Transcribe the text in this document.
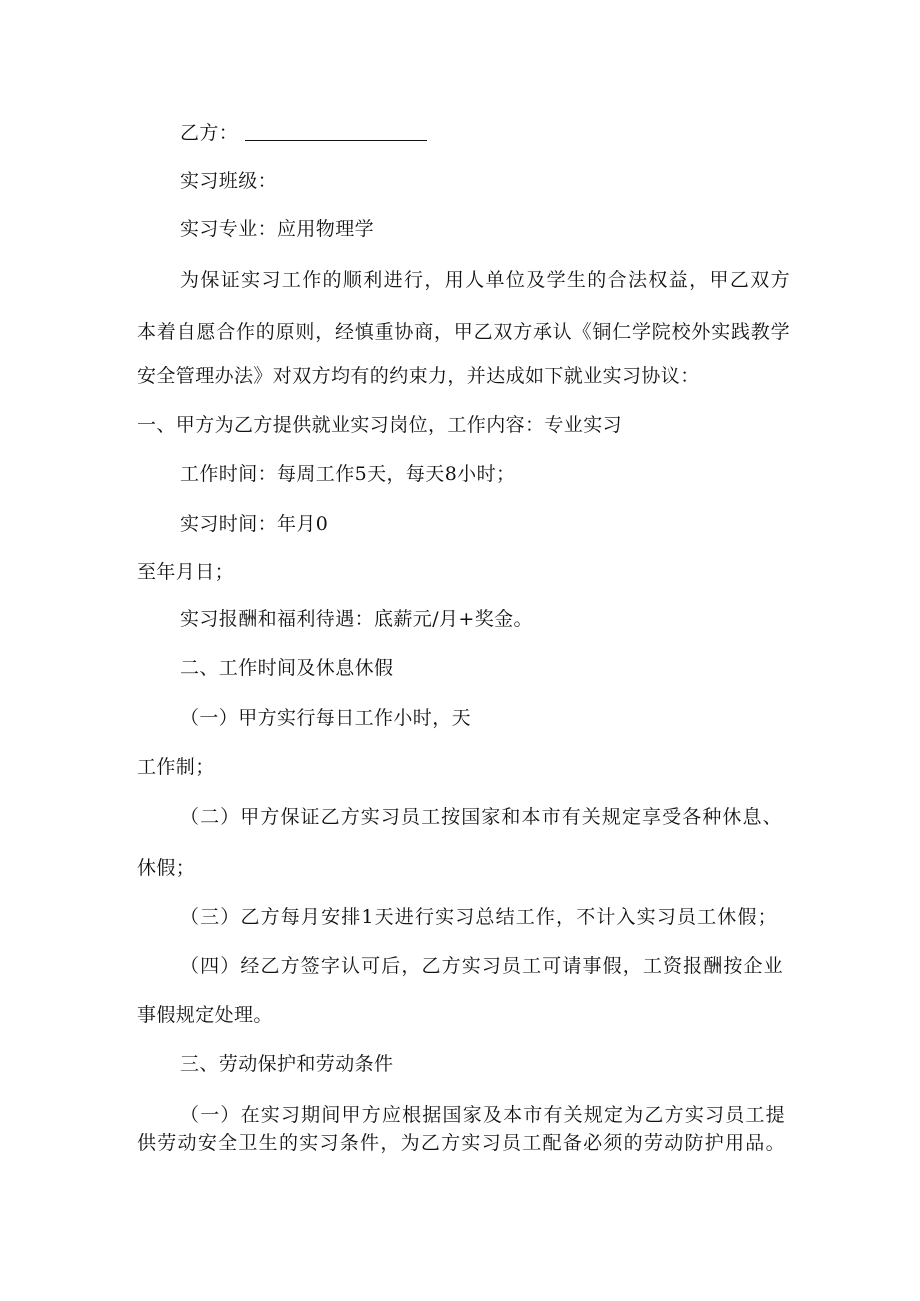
乙方：
实习班级：
实习专业：应用物理学
为保证实习工作的顺利进行，用人单位及学生的合法权益，甲乙双方
本着自愿合作的原则，经慎重协商，甲乙双方承认《铜仁学院校外实践教学
安全管理办法》对双方均有的约束力，并达成如下就业实习协议：
一、甲方为乙方提供就业实习岗位，工作内容：专业实习
工作时间：每周工作5天，每天8小时；
实习时间：年月0
至年月日；
实习报酬和福利待遇：底薪元/月+奖金。
二、工作时间及休息休假
（一）甲方实行每日工作小时，天
工作制；
（二）甲方保证乙方实习员工按国家和本市有关规定享受各种休息、
休假；
（三）乙方每月安排1天进行实习总结工作，不计入实习员工休假；
（四）经乙方签字认可后，乙方实习员工可请事假，工资报酬按企业
事假规定处理。
三、劳动保护和劳动条件
（一）在实习期间甲方应根据国家及本市有关规定为乙方实习员工提
供劳动安全卫生的实习条件，为乙方实习员工配备必须的劳动防护用品。
